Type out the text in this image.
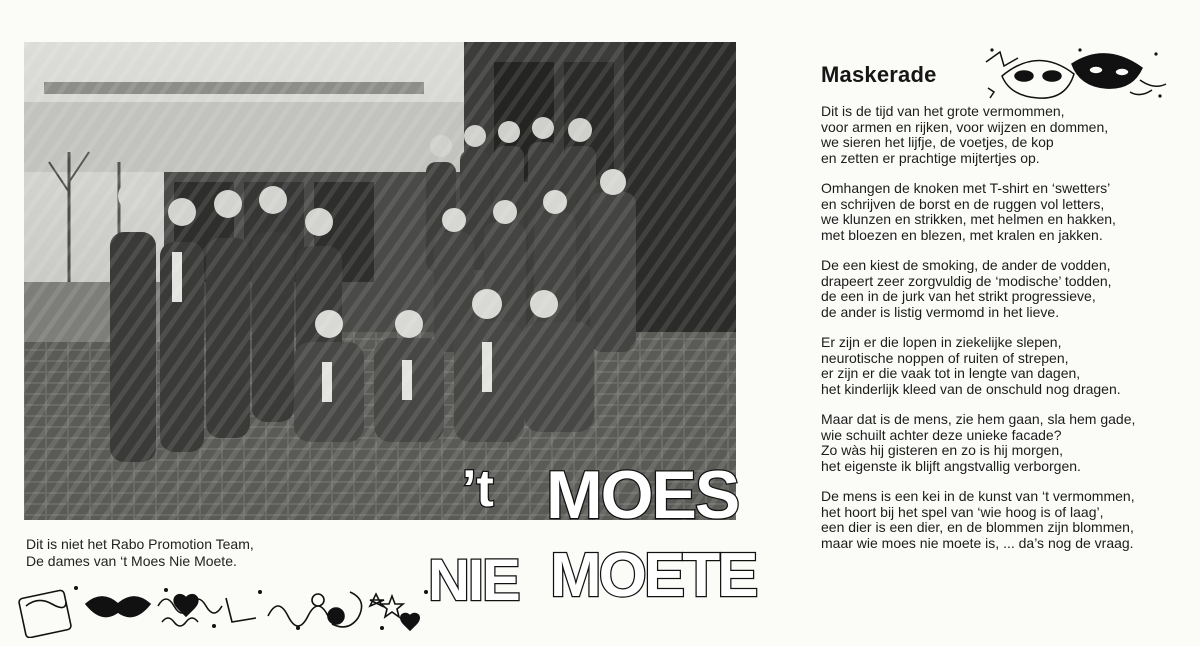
Dit is niet het Rabo Promotion Team,
De dames van ‘t Moes Nie Moete.
’t MOES
NIE MOETE
Maskerade
Dit is de tijd van het grote vermommen,
voor armen en rijken, voor wijzen en dommen,
we sieren het lijfje, de voetjes, de kop
en zetten er prachtige mijtertjes op.
Omhangen de knoken met T-shirt en ‘swetters’
en schrijven de borst en de ruggen vol letters,
we klunzen en strikken, met helmen en hakken,
met bloezen en blezen, met kralen en jakken.
De een kiest de smoking, de ander de vodden,
drapeert zeer zorgvuldig de ‘modische’ todden,
de een in de jurk van het strikt progressieve,
de ander is listig vermomd in het lieve.
Er zijn er die lopen in ziekelijke slepen,
neurotische noppen of ruiten of strepen,
er zijn er die vaak tot in lengte van dagen,
het kinderlijk kleed van de onschuld nog dragen.
Maar dat is de mens, zie hem gaan, sla hem gade,
wie schuilt achter deze unieke facade?
Zo wàs hij gisteren en zo is hij morgen,
het eigenste ik blijft angstvallig verborgen.
De mens is een kei in de kunst van ‘t vermommen,
het hoort bij het spel van ‘wie hoog is of laag’,
een dier is een dier, en de blommen zijn blommen,
maar wie moes nie moete is, ... da’s nog de vraag.
